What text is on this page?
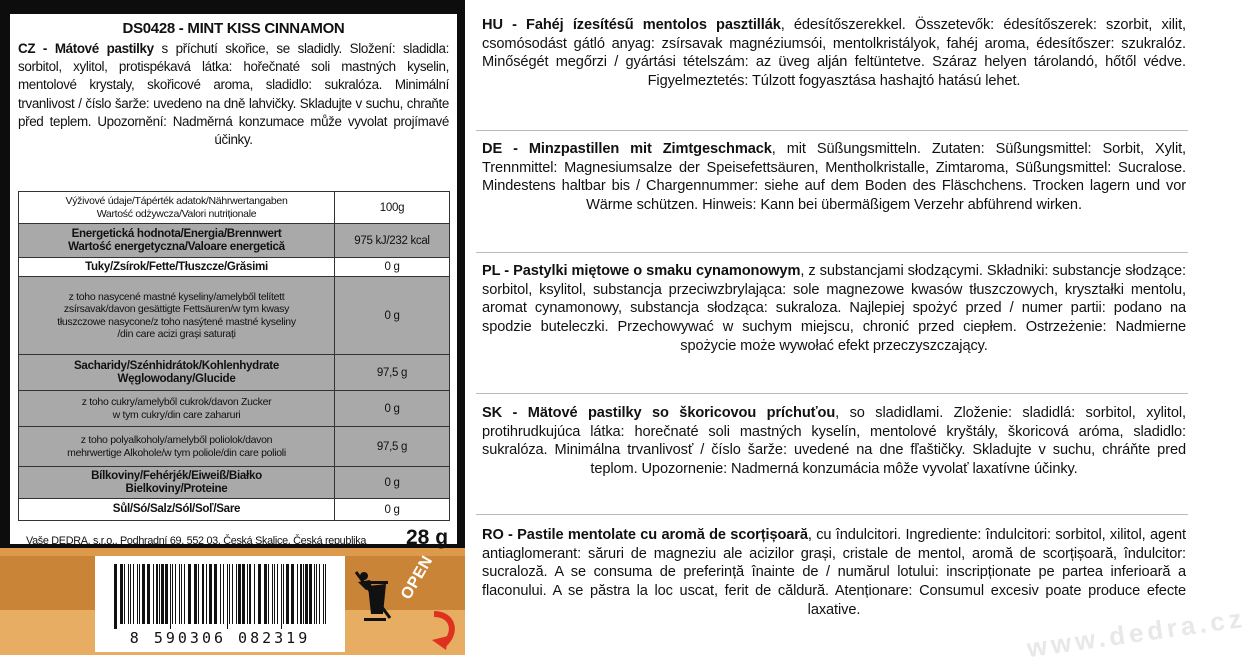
DS0428 - MINT KISS CINNAMON
CZ - Mátové pastilky s příchutí skořice, se sladidly. Složení: sladidla: sorbitol, xylitol, protispékavá látka: hořečnaté soli mastných kyselin, mentolové krystaly, skořicové aroma, sladidlo: sukralóza. Minimální trvanlivost / číslo šarže: uvedeno na dně lahvičky. Skladujte v suchu, chraňte před teplem. Upozornění: Nadměrná konzumace může vyvolat projímavé účinky.
Výživové údaje/Tápérték adatok/Nährwertangaben
Wartość odżywcza/Valori nutriționale	100g
Energetická hodnota/Energia/Brennwert
Wartość energetyczna/Valoare energetică	975 kJ/232 kcal
Tuky/Zsírok/Fette/Tłuszcze/Grăsimi	0 g
z toho nasycené mastné kyseliny/amelyből telített
zsírsavak/davon gesättigte Fettsäuren/w tym kwasy
tłuszczowe nasycone/z toho nasýtené mastné kyseliny
/din care acizi grași saturați	0 g
Sacharidy/Szénhidrátok/Kohlenhydrate
Węglowodany/Glucide	97,5 g
z toho cukry/amelyből cukrok/davon Zucker
w tym cukry/din care zaharuri	0 g
z toho polyalkoholy/amelyből poliolok/davon
mehrwertige Alkohole/w tym poliole/din care polioli	97,5 g
Bílkoviny/Fehérjék/Eiweiß/Białko
Bielkoviny/Proteine	0 g
Sůl/Só/Salz/Sól/Soľ/Sare	0 g
Vaše DEDRA, s.r.o., Podhradní 69, 552 03, Česká Skalice, Česká republika 28 g
8 590306 082319
OPEN
HU - Fahéj ízesítésű mentolos pasztillák, édesítőszerekkel. Összetevők: édesítőszerek: szorbit, xilit, csomósodást gátló anyag: zsírsavak magnéziumsói, mentolkristályok, fahéj aroma, édesítőszer: szukralóz. Minőségét megőrzi / gyártási tételszám: az üveg alján feltüntetve. Száraz helyen tárolandó, hőtől védve. Figyelmeztetés: Túlzott fogyasztása hashajtó hatású lehet.
DE - Minzpastillen mit Zimtgeschmack, mit Süßungsmitteln. Zutaten: Süßungsmittel: Sorbit, Xylit, Trennmittel: Magnesiumsalze der Speisefettsäuren, Mentholkristalle, Zimtaroma, Süßungsmittel: Sucralose. Mindestens haltbar bis / Chargennummer: siehe auf dem Boden des Fläschchens. Trocken lagern und vor Wärme schützen. Hinweis: Kann bei übermäßigem Verzehr abführend wirken.
PL - Pastylki miętowe o smaku cynamonowym, z substancjami słodzącymi. Składniki: substancje słodzące: sorbitol, ksylitol, substancja przeciwzbrylająca: sole magnezowe kwasów tłuszczowych, kryształki mentolu, aromat cynamonowy, substancja słodząca: sukraloza. Najlepiej spożyć przed / numer partii: podano na spodzie buteleczki. Przechowywać w suchym miejscu, chronić przed ciepłem. Ostrzeżenie: Nadmierne spożycie może wywołać efekt przeczyszczający.
SK - Mätové pastilky so škoricovou príchuťou, so sladidlami. Zloženie: sladidlá: sorbitol, xylitol, protihrudkujúca látka: horečnaté soli mastných kyselín, mentolové kryštály, škoricová aróma, sladidlo: sukralóza. Minimálna trvanlivosť / číslo šarže: uvedené na dne fľaštičky. Skladujte v suchu, chráňte pred teplom. Upozornenie: Nadmerná konzumácia môže vyvolať laxatívne účinky.
RO - Pastile mentolate cu aromă de scorțișoară, cu îndulcitori. Ingrediente: îndulcitori: sorbitol, xilitol, agent antiaglomerant: săruri de magneziu ale acizilor grași, cristale de mentol, aromă de scorțișoară, îndulcitor: sucraloză. A se consuma de preferință înainte de / numărul lotului: inscripționate pe partea inferioară a flaconului. A se păstra la loc uscat, ferit de căldură. Atenționare: Consumul excesiv poate produce efecte laxative.	www.dedra.cz
